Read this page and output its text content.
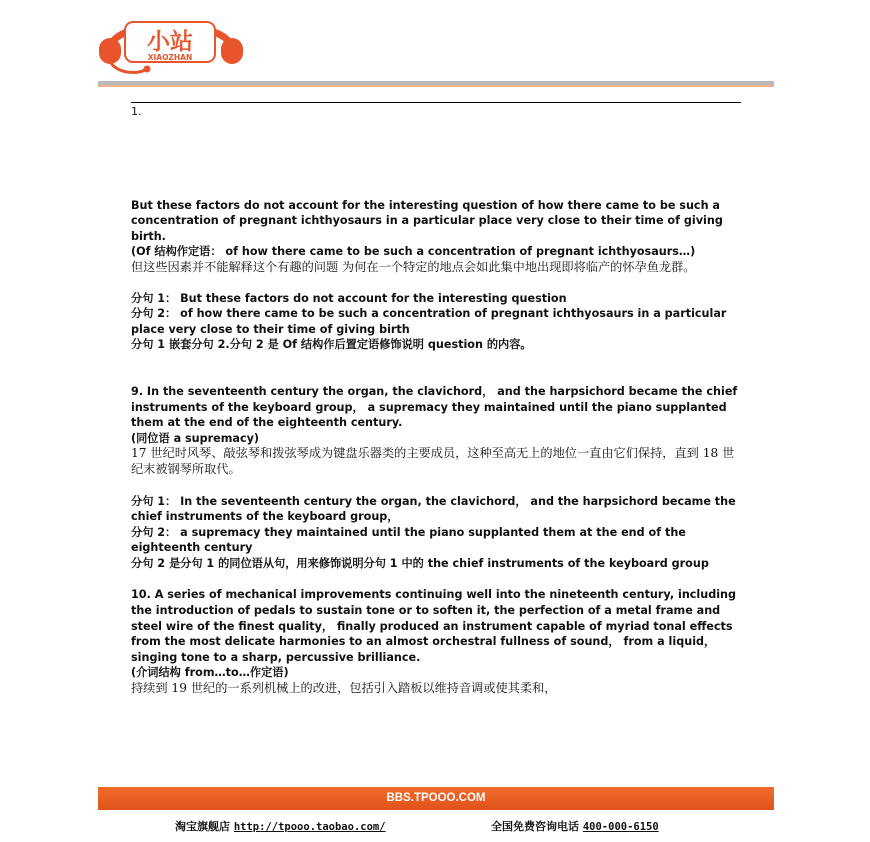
小站
XIAOZHAN

1.

But these factors do not account for the interesting question of how there came to be such a concentration of pregnant ichthyosaurs in a particular place very close to their time of giving birth.

(Of 结构作定语： of how there came to be such a concentration of pregnant ichthyosaurs…)

但这些因素并不能解释这个有趣的问题 为何在一个特定的地点会如此集中地出现即将临产的怀孕鱼龙群。

分句 1： But these factors do not account for the interesting question

分句 2： of how there came to be such a concentration of pregnant ichthyosaurs in a particular place very close to their time of giving birth

分句 1 嵌套分句 2.分句 2 是 Of 结构作后置定语修饰说明 question 的内容。

9. In the seventeenth century the organ, the clavichord， and the harpsichord became the chief instruments of the keyboard group， a supremacy they maintained until the piano supplanted them at the end of the eighteenth century.

(同位语 a supremacy)

17 世纪时风琴、敲弦琴和拨弦琴成为键盘乐器类的主要成员，这种至高无上的地位一直由它们保持，直到 18 世纪末被钢琴所取代。

分句 1： In the seventeenth century the organ, the clavichord， and the harpsichord became the chief instruments of the keyboard group，

分句 2： a supremacy they maintained until the piano supplanted them at the end of the eighteenth century

分句 2 是分句 1 的同位语从句，用来修饰说明分句 1 中的 the chief instruments of the keyboard group

10. A series of mechanical improvements continuing well into the nineteenth century, including the introduction of pedals to sustain tone or to soften it, the perfection of a metal frame and steel wire of the finest quality， finally produced an instrument capable of myriad tonal effects from the most delicate harmonies to an almost orchestral fullness of sound， from a liquid， singing tone to a sharp, percussive brilliance.

(介词结构 from…to…作定语)

持续到 19 世纪的一系列机械上的改进，包括引入踏板以维持音调或使其柔和，

BBS.TPOOO.COM
淘宝旗舰店 http://tpooo.taobao.com/	全国免费咨询电话 400-000-6150
